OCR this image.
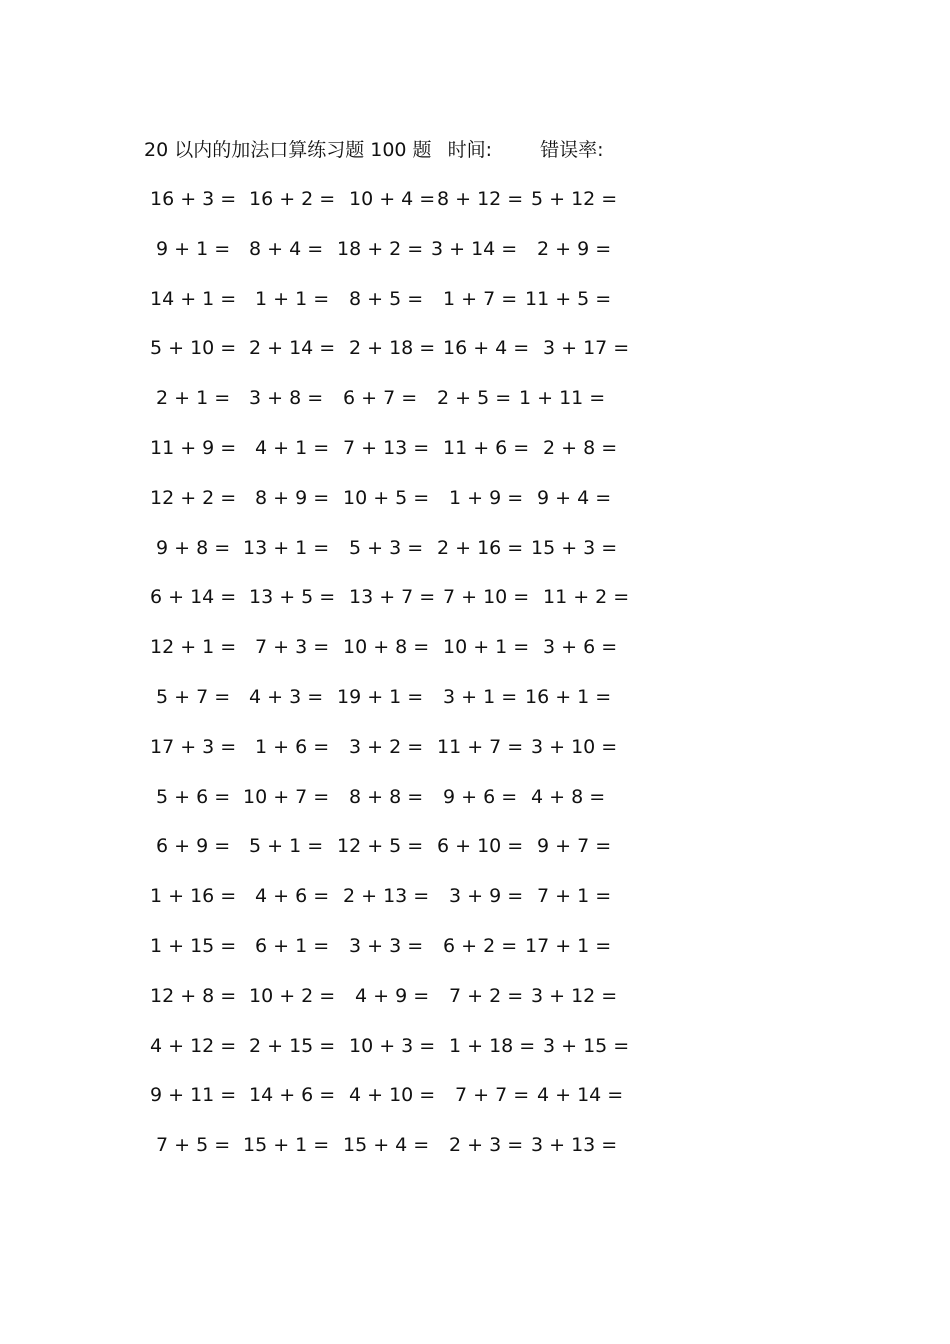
20 以内的加法口算练习题 100 题 时间:	错误率:
16 + 3 = 16 + 2 = 10 + 4 = 8 + 12 = 5 + 12 =
9 + 1 = 8 + 4 = 18 + 2 = 3 + 14 = 2 + 9 =
14 + 1 = 1 + 1 = 8 + 5 = 1 + 7 = 11 + 5 =
5 + 10 = 2 + 14 = 2 + 18 = 16 + 4 = 3 + 17 =
2 + 1 = 3 + 8 = 6 + 7 = 2 + 5 = 1 + 11 =
11 + 9 = 4 + 1 = 7 + 13 = 11 + 6 = 2 + 8 =
12 + 2 = 8 + 9 = 10 + 5 = 1 + 9 = 9 + 4 =
9 + 8 = 13 + 1 = 5 + 3 = 2 + 16 = 15 + 3 =
6 + 14 = 13 + 5 = 13 + 7 = 7 + 10 = 11 + 2 =
12 + 1 = 7 + 3 = 10 + 8 = 10 + 1 = 3 + 6 =
5 + 7 = 4 + 3 = 19 + 1 = 3 + 1 = 16 + 1 =
17 + 3 = 1 + 6 = 3 + 2 = 11 + 7 = 3 + 10 =
5 + 6 = 10 + 7 = 8 + 8 = 9 + 6 = 4 + 8 =
6 + 9 = 5 + 1 = 12 + 5 = 6 + 10 = 9 + 7 =
1 + 16 = 4 + 6 = 2 + 13 = 3 + 9 = 7 + 1 =
1 + 15 = 6 + 1 = 3 + 3 = 6 + 2 = 17 + 1 =
12 + 8 = 10 + 2 = 4 + 9 = 7 + 2 = 3 + 12 =
4 + 12 = 2 + 15 = 10 + 3 = 1 + 18 = 3 + 15 =
9 + 11 = 14 + 6 = 4 + 10 = 7 + 7 = 4 + 14 =
7 + 5 = 15 + 1 = 15 + 4 = 2 + 3 = 3 + 13 =
